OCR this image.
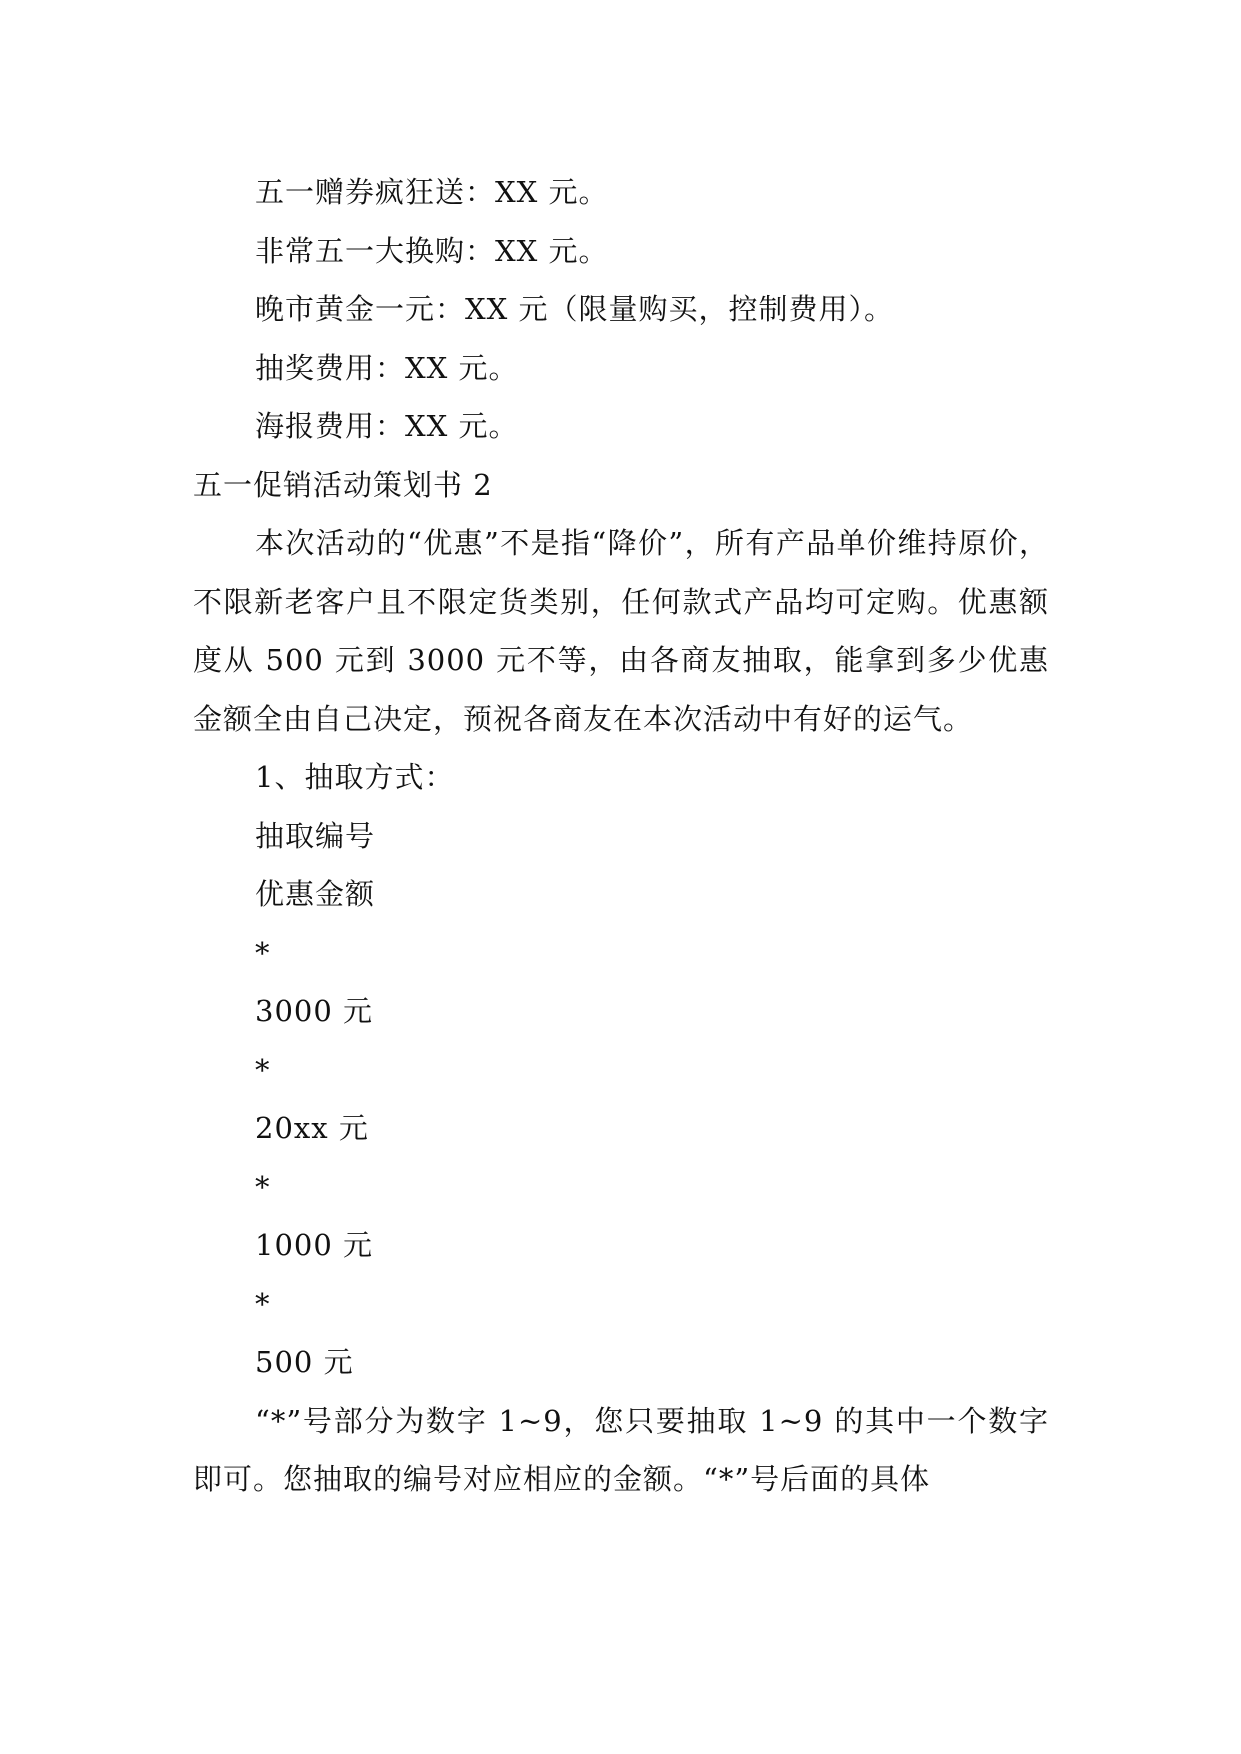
五一赠券疯狂送：XX 元。

非常五一大换购：XX 元。

晚市黄金一元：XX 元（限量购买，控制费用）。

抽奖费用：XX 元。

海报费用：XX 元。

五一促销活动策划书 2

本次活动的“优惠”不是指“降价”，所有产品单价维持原价，不限新老客户且不限定货类别，任何款式产品均可定购。优惠额度从 500 元到 3000 元不等，由各商友抽取，能拿到多少优惠金额全由自己决定，预祝各商友在本次活动中有好的运气。

1、抽取方式：

抽取编号

优惠金额

*

3000 元

*

20xx 元

*

1000 元

*

500 元

“*”号部分为数字 1~9，您只要抽取 1~9 的其中一个数字即可。您抽取的编号对应相应的金额。“*”号后面的具体
